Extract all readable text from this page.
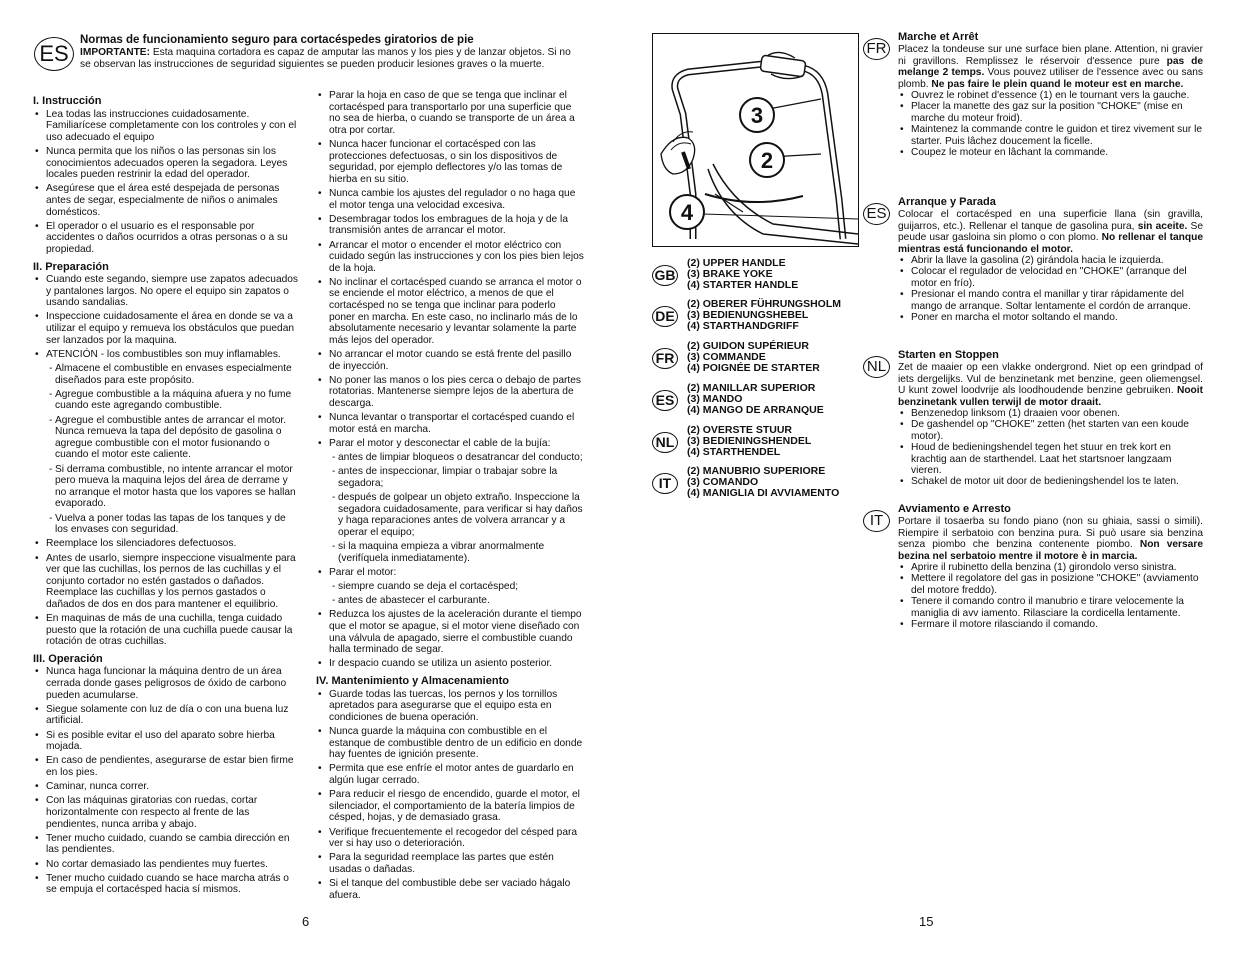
ES
Normas de funcionamiento seguro para cortacéspedes giratorios de pie
IMPORTANTE: Esta maquina cortadora es capaz de amputar las manos y los pies y de lanzar objetos. Si no se observan las instrucciones de seguridad siguientes se pueden producir lesiones graves o la muerte.
I. Instrucción
• Lea todas las instrucciones cuidadosamente. Familiarícese completamente con los controles y con el uso adecuado el equipo
• Nunca permita que los niños o las personas sin los conocimientos adecuados operen la segadora. Leyes locales pueden restrinir la edad del operador.
• Asegúrese que el área esté despejada de personas antes de segar, especialmente de niños o animales domésticos.
• El operador o el usuario es el responsable por accidentes o daños ocurridos a otras personas o a su propiedad.
II. Preparación
• Cuando este segando, siempre use zapatos adecuados y pantalones largos. No opere el equipo sin zapatos o usando sandalias.
• Inspeccione cuidadosamente el área en donde se va a utilizar el equipo y remueva los obstáculos que puedan ser lanzados por la maquina.
• ATENCIÓN - los combustibles son muy inflamables.
- Almacene el combustible en envases especialmente diseñados para este propósito.
- Agregue combustible a la máquina afuera y no fume cuando este agregando combustible.
- Agregue el combustible antes de arrancar el motor. Nunca remueva la tapa del depósito de gasolina o agregue combustible con el motor fusionando o cuando el motor este caliente.
- Si derrama combustible, no intente arrancar el motor pero mueva la maquina lejos del área de derrame y no arranque el motor hasta que los vapores se hallan evaporado.
- Vuelva a poner todas las tapas de los tanques y de los envases con seguridad.
• Reemplace los silenciadores defectuosos.
• Antes de usarlo, siempre inspeccione visualmente para ver que las cuchillas, los pernos de las cuchillas y el conjunto cortador no estén gastados o dañados. Reemplace las cuchillas y los pernos gastados o dañados de dos en dos para mantener el equilibrio.
• En maquinas de más de una cuchilla, tenga cuidado puesto que la rotación de una cuchilla puede causar la rotación de otras cuchillas.
III. Operación
• Nunca haga funcionar la máquina dentro de un área cerrada donde gases peligrosos de óxido de carbono pueden acumularse.
• Siegue solamente con luz de día o con una buena luz artificial.
• Si es posible evitar el uso del aparato sobre hierba mojada.
• En caso de pendientes, asegurarse de estar bien firme en los pies.
• Caminar, nunca correr.
• Con las máquinas giratorias con ruedas, cortar horizontalmente con respecto al frente de las pendientes, nunca arriba y abajo.
• Tener mucho cuidado, cuando se cambia dirección en las pendientes.
• No cortar demasiado las pendientes muy fuertes.
• Tener mucho cuidado cuando se hace marcha atrás o se empuja el cortacésped hacia sí mismos.
• Parar la hoja en caso de que se tenga que inclinar el cortacésped para transportarlo por una superficie que no sea de hierba, o cuando se transporte de un área a otra por cortar.
• Nunca hacer funcionar el cortacésped con las protecciones defectuosas, o sin los dispositivos de seguridad, por ejemplo deflectores y/o las tomas de hierba en su sitio.
• Nunca cambie los ajustes del regulador o no haga que el motor tenga una velocidad excesiva.
• Desembragar todos los embragues de la hoja y de la transmisión antes de arrancar el motor.
• Arrancar el motor o encender el motor eléctrico con cuidado según las instrucciones y con los pies bien lejos de la hoja.
• No inclinar el cortacésped cuando se arranca el motor o se enciende el motor eléctrico, a menos de que el cortacésped no se tenga que inclinar para poderlo poner en marcha. En este caso, no inclinarlo más de lo absolutamente necesario y levantar solamente la parte más lejos del operador.
• No arrancar el motor cuando se está frente del pasillo de inyección.
• No poner las manos o los pies cerca o debajo de partes rotatorias. Mantenerse siempre lejos de la abertura de descarga.
• Nunca levantar o transportar el cortacésped cuando el motor está en marcha.
• Parar el motor y desconectar el cable de la bujía:
- antes de limpiar bloqueos o desatrancar del conducto;
- antes de inspeccionar, limpiar o trabajar sobre la segadora;
- después de golpear un objeto extraño. Inspeccione la segadora cuidadosamente, para verificar si hay daños y haga reparaciones antes de volvera arrancar y a operar el equipo;
- si la maquina empieza a vibrar anormalmente (verifíquela inmediatamente).
• Parar el motor:
- siempre cuando se deja el cortacésped;
- antes de abastecer el carburante.
• Reduzca los ajustes de la aceleración durante el tiempo que el motor se apague, si el motor viene diseñado con una válvula de apagado, sierre el combustible cuando halla terminado de segar.
• Ir despacio cuando se utiliza un asiento posterior.
IV. Mantenimiento y Almacenamiento
• Guarde todas las tuercas, los pernos y los tornillos apretados para asegurarse que el equipo esta en condiciones de buena operación.
• Nunca guarde la máquina con combustible en el estanque de combustible dentro de un edificio en donde hay fuentes de ignición presente.
• Permita que ese enfríe el motor antes de guardarlo en algún lugar cerrado.
• Para reducir el riesgo de encendido, guarde el motor, el silenciador, el comportamiento de la batería limpios de césped, hojas, y de demasiado grasa.
• Verifique frecuentemente el recogedor del césped para ver si hay uso o deterioración.
• Para la seguridad reemplace las partes que estén usadas o dañadas.
• Si el tanque del combustible debe ser vaciado hágalo afuera.
6
3
2
4
GB
(2) UPPER HANDLE
(3) BRAKE YOKE
(4) STARTER HANDLE
DE
(2) OBERER FÜHRUNGSHOLM
(3) BEDIENUNGSHEBEL
(4) STARTHANDGRIFF
FR
(2) GUIDON SUPÉRIEUR
(3) COMMANDE
(4) POIGNÉE DE STARTER
ES
(2) MANILLAR SUPERIOR
(3) MANDO
(4) MANGO DE ARRANQUE
NL
(2) OVERSTE STUUR
(3) BEDIENINGSHENDEL
(4) STARTHENDEL
IT
(2) MANUBRIO SUPERIORE
(3) COMANDO
(4) MANIGLIA DI AVVIAMENTO
FR
Marche et Arrêt

Placez la tondeuse sur une surface bien plane. Attention, ni gravier ni gravillons. Remplissez le réservoir d'essence pure pas de melange 2 temps. Vous pouvez utiliser de l'essence avec ou sans plomb. Ne pas faire le plein quand le moteur est en marche.

• Ouvrez le robinet d'essence (1) en le tournant vers la gauche.
• Placer la manette des gaz sur la position "CHOKE" (mise en marche du moteur froid).
• Maintenez la commande contre le guidon et tirez vivement sur le starter. Puis lâchez doucement la ficelle.
• Coupez le moteur en lâchant la commande.
ES
Arranque y Parada

Colocar el cortacésped en una superficie llana (sin gravilla, guijarros, etc.). Rellenar el tanque de gasolina pura, sin aceite. Se peude usar gasloina sin plomo o con plomo. No rellenar el tanque mientras está funcionando el motor.

• Abrir la llave la gasolina (2) girándola hacia le izquierda.
• Colocar el regulador de velocidad en "CHOKE" (arranque del motor en frío).
• Presionar el mando contra el manillar y tirar rápidamente del mango de arranque. Soltar lentamente el cordón de arranque.
• Poner en marcha el motor soltando el mando.
NL
Starten en Stoppen

Zet de maaier op een vlakke ondergrond. Niet op een grindpad of iets dergelijks. Vul de benzinetank met benzine, geen oliemengsel. U kunt zowel loodvrije als loodhoudende benzine gebruiken. Nooit benzinetank vullen terwijl de motor draait.

• Benzenedop linksom (1) draaien voor obenen.
• De gashendel op "CHOKE" zetten (het starten van een koude motor).
• Houd de bedieningshendel tegen het stuur en trek kort en krachtig aan de starthendel. Laat het startsnoer langzaam vieren.
• Schakel de motor uit door de bedieningshendel los te laten.
IT
Avviamento e Arresto

Portare il tosaerba su fondo piano (non su ghiaia, sassi o simili). Riempire il serbatoio con benzina pura. Si può usare sia benzina senza piombo che benzina contenente piombo. Non versare bezina nel serbatoio mentre il motore è in marcia.

• Aprire il rubinetto della benzina (1) girondolo verso sinistra.
• Mettere il regolatore del gas in posizione "CHOKE" (avviamento del motore freddo).
• Tenere il comando contro il manubrio e tirare velocemente la maniglia di avv iamento. Rilasciare la cordicella lentamente.
• Fermare il motore rilasciando il comando.
15
